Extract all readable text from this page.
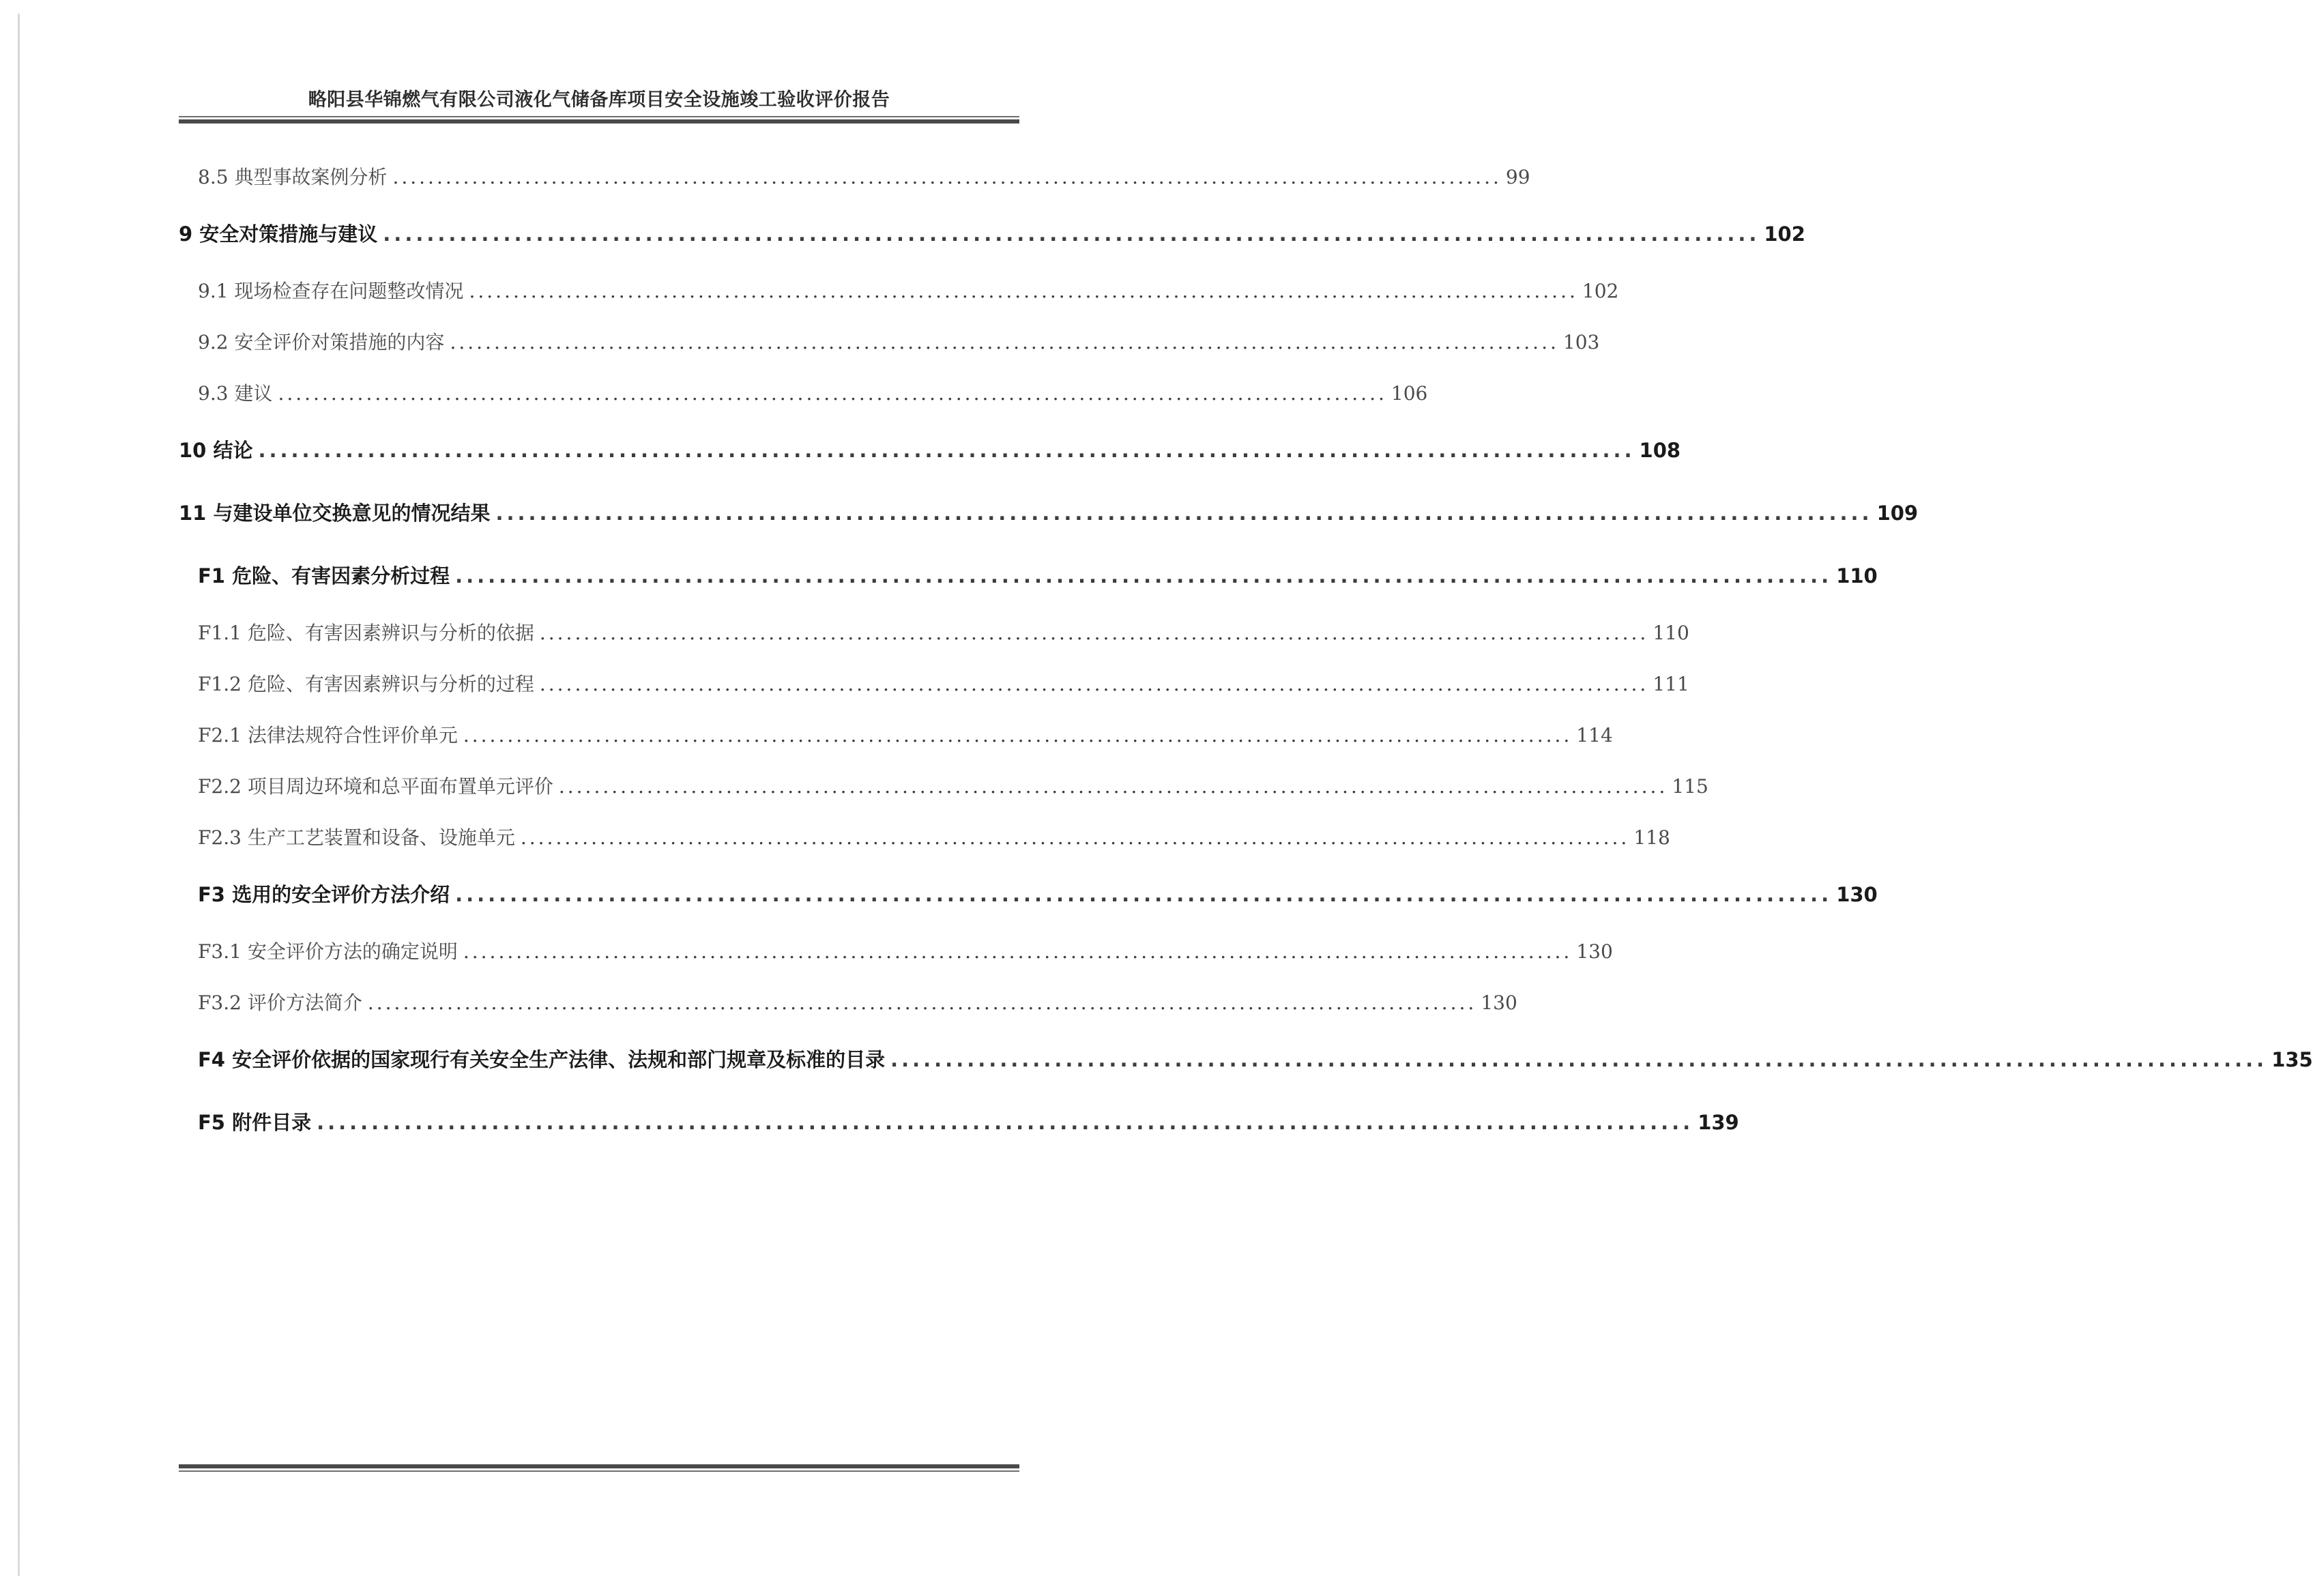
略阳县华锦燃气有限公司液化气储备库项目安全设施竣工验收评价报告
8.5 典型事故案例分析 .............................................................................................................................. 99
9 安全对策措施与建议 .............................................................................................................................. 102
9.1 现场检查存在问题整改情况 .............................................................................................................................. 102
9.2 安全评价对策措施的内容 .............................................................................................................................. 103
9.3 建议 .............................................................................................................................. 106
10 结论 .............................................................................................................................. 108
11 与建设单位交换意见的情况结果 .............................................................................................................................. 109
F1 危险、有害因素分析过程 .............................................................................................................................. 110
F1.1 危险、有害因素辨识与分析的依据 .............................................................................................................................. 110
F1.2 危险、有害因素辨识与分析的过程 .............................................................................................................................. 111
F2.1 法律法规符合性评价单元 .............................................................................................................................. 114
F2.2 项目周边环境和总平面布置单元评价 .............................................................................................................................. 115
F2.3 生产工艺装置和设备、设施单元 .............................................................................................................................. 118
F3 选用的安全评价方法介绍 .............................................................................................................................. 130
F3.1 安全评价方法的确定说明 .............................................................................................................................. 130
F3.2 评价方法简介 .............................................................................................................................. 130
F4 安全评价依据的国家现行有关安全生产法律、法规和部门规章及标准的目录 .............................................................................................................................. 135
F5 附件目录 .............................................................................................................................. 139
